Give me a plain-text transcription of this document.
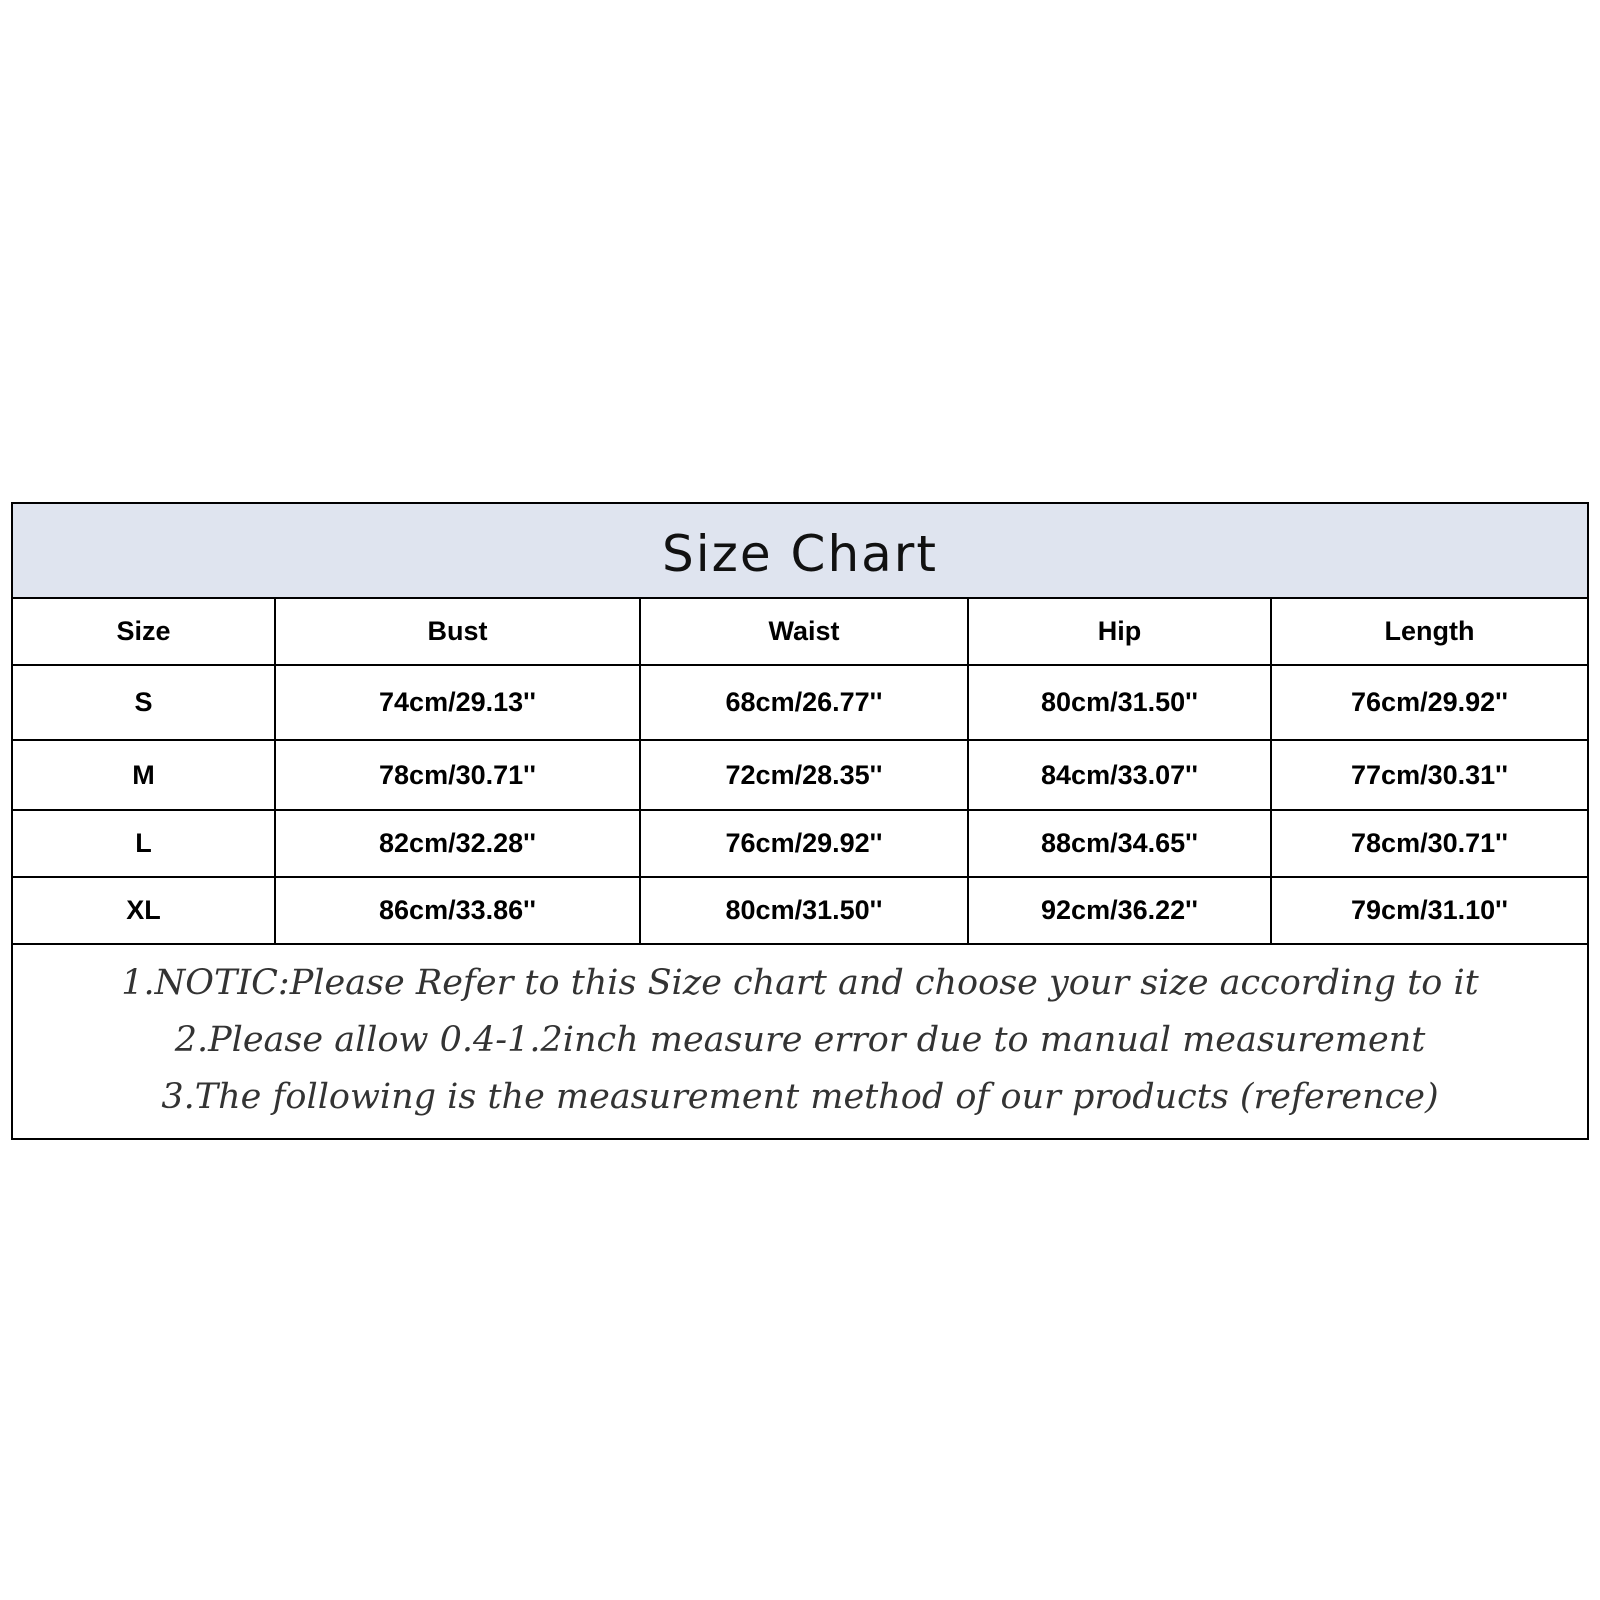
Size Chart
Size	Bust	Waist	Hip	Length
S	74cm/29.13''	68cm/26.77''	80cm/31.50''	76cm/29.92''
M	78cm/30.71''	72cm/28.35''	84cm/33.07''	77cm/30.31''
L	82cm/32.28''	76cm/29.92''	88cm/34.65''	78cm/30.71''
XL	86cm/33.86''	80cm/31.50''	92cm/36.22''	79cm/31.10''
1.NOTIC:Please Refer to this Size chart and choose your size according to it
2.Please allow 0.4-1.2inch measure error due to manual measurement
3.The following is the measurement method of our products (reference)
